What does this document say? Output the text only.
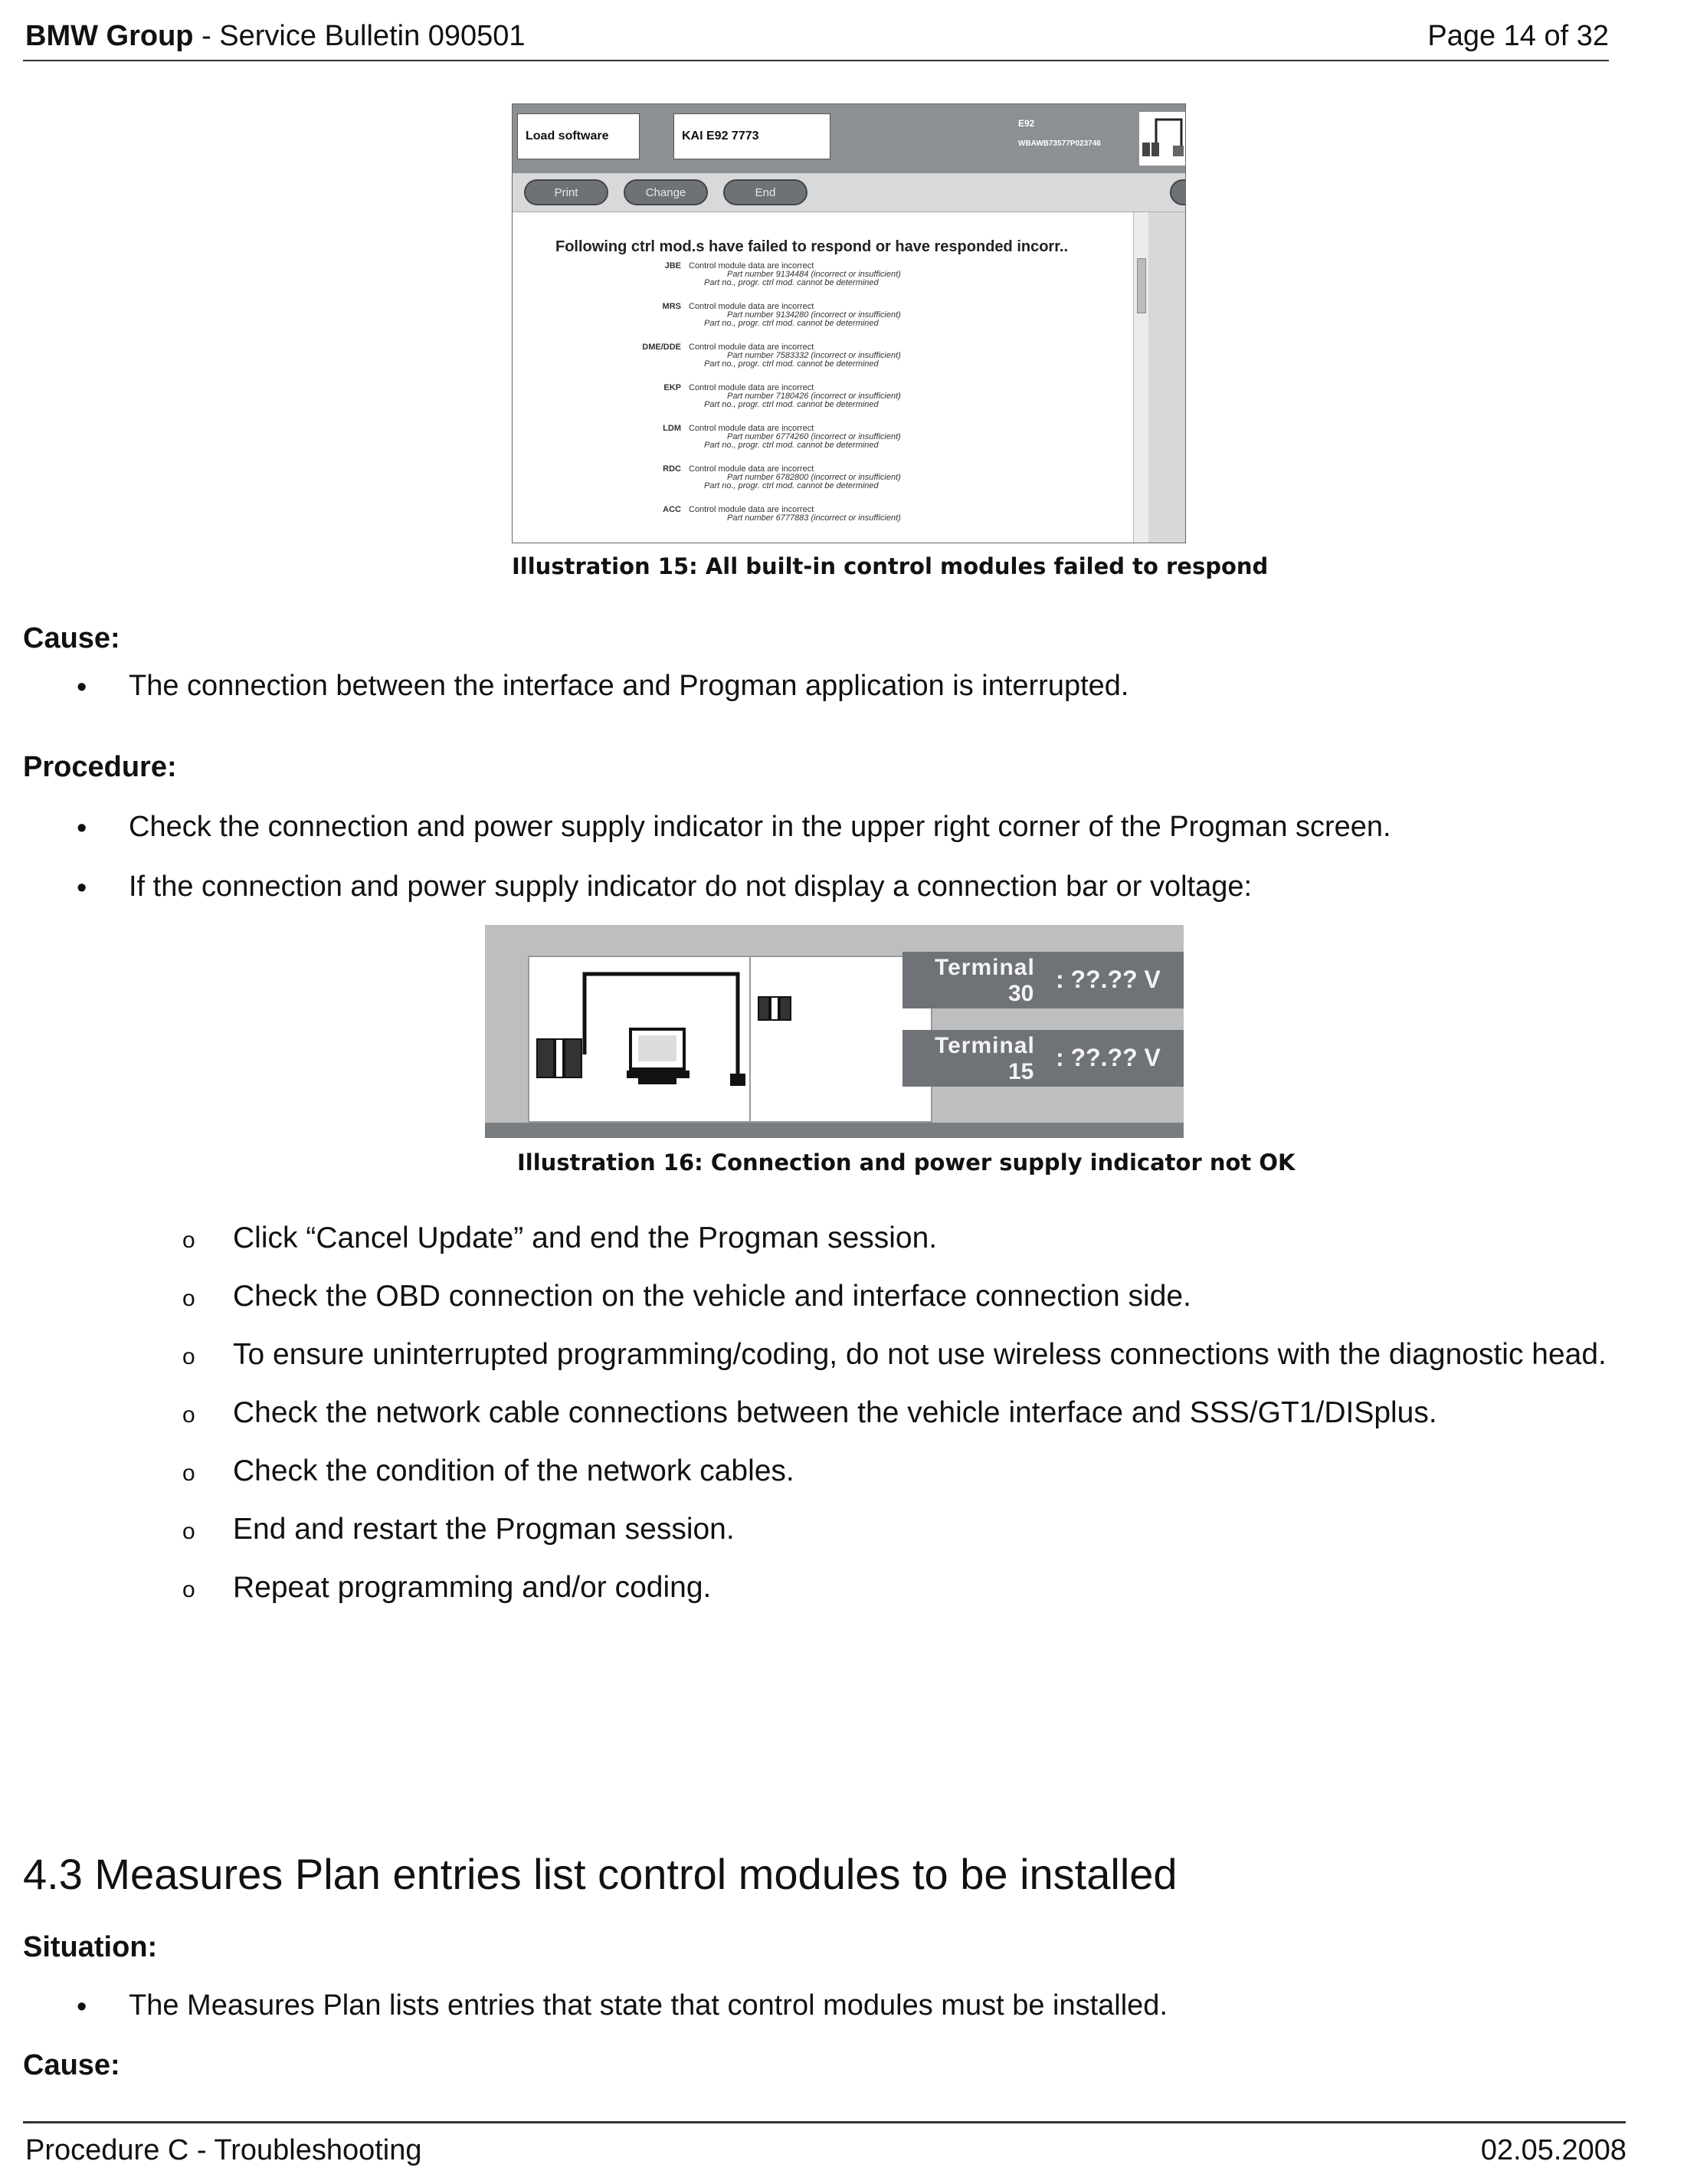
BMW Group - Service Bulletin 090501	Page 14 of 32
Load software	KAI E92 7773
E92
WBAWB73577P023746
Print	Change	End
Following ctrl mod.s have failed to respond or have responded incorr..
JBE Control module data are incorrect
Part number 9134484 (incorrect or insufficient)
Part no., progr. ctrl mod. cannot be determined
MRS Control module data are incorrect
Part number 9134280 (incorrect or insufficient)
Part no., progr. ctrl mod. cannot be determined
DME/DDE Control module data are incorrect
Part number 7583332 (incorrect or insufficient)
Part no., progr. ctrl mod. cannot be determined
EKP Control module data are incorrect
Part number 7180426 (incorrect or insufficient)
Part no., progr. ctrl mod. cannot be determined
LDM Control module data are incorrect
Part number 6774260 (incorrect or insufficient)
Part no., progr. ctrl mod. cannot be determined
RDC Control module data are incorrect
Part number 6782800 (incorrect or insufficient)
Part no., progr. ctrl mod. cannot be determined
ACC Control module data are incorrect
Part number 6777883 (incorrect or insufficient)
Illustration 15: All built-in control modules failed to respond
Cause:
• The connection between the interface and Progman application is interrupted.
Procedure:
• Check the connection and power supply indicator in the upper right corner of the Progman screen.
• If the connection and power supply indicator do not display a connection bar or voltage:
Terminal
30
: ??.?? V
Terminal
15
: ??.?? V
Illustration 16: Connection and power supply indicator not OK
o Click “Cancel Update” and end the Progman session.
o Check the OBD connection on the vehicle and interface connection side.
o To ensure uninterrupted programming/coding, do not use wireless connections with the diagnostic head.
o Check the network cable connections between the vehicle interface and SSS/GT1/DISplus.
o Check the condition of the network cables.
o End and restart the Progman session.
o Repeat programming and/or coding.
4.3 Measures Plan entries list control modules to be installed
Situation:
• The Measures Plan lists entries that state that control modules must be installed.
Cause:
Procedure C - Troubleshooting	02.05.2008
